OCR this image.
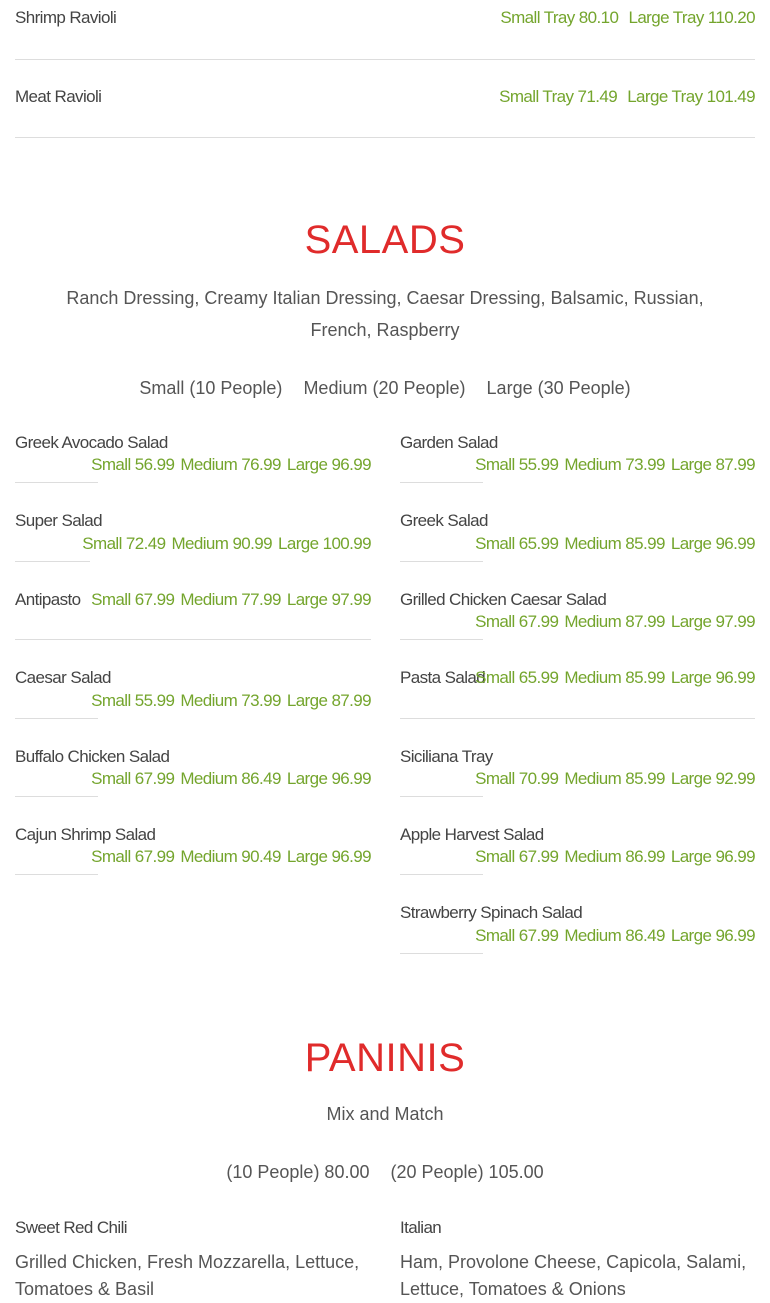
Shrimp Ravioli	Small Tray 80.10 Large Tray 110.20
Meat Ravioli	Small Tray 71.49 Large Tray 101.49
SALADS
Ranch Dressing, Creamy Italian Dressing, Caesar Dressing, Balsamic, Russian, French, Raspberry
Small (10 People) Medium (20 People) Large (30 People)
Greek Avocado Salad
Small 56.99 Medium 76.99 Large 96.99
Super Salad
Small 72.49 Medium 90.99 Large 100.99
Antipasto Small 67.99 Medium 77.99 Large 97.99
Caesar Salad
Small 55.99 Medium 73.99 Large 87.99
Buffalo Chicken Salad
Small 67.99 Medium 86.49 Large 96.99
Cajun Shrimp Salad
Small 67.99 Medium 90.49 Large 96.99
Garden Salad
Small 55.99 Medium 73.99 Large 87.99
Greek Salad
Small 65.99 Medium 85.99 Large 96.99
Grilled Chicken Caesar Salad
Small 67.99 Medium 87.99 Large 97.99
Pasta Salad
Small 65.99 Medium 85.99 Large 96.99
Siciliana Tray
Small 70.99 Medium 85.99 Large 92.99
Apple Harvest Salad
Small 67.99 Medium 86.99 Large 96.99
Strawberry Spinach Salad
Small 67.99 Medium 86.49 Large 96.99
PANINIS
Mix and Match
(10 People) 80.00 (20 People) 105.00
Sweet Red Chili
Grilled Chicken, Fresh Mozzarella, Lettuce, Tomatoes & Basil
Italian
Ham, Provolone Cheese, Capicola, Salami, Lettuce, Tomatoes & Onions
